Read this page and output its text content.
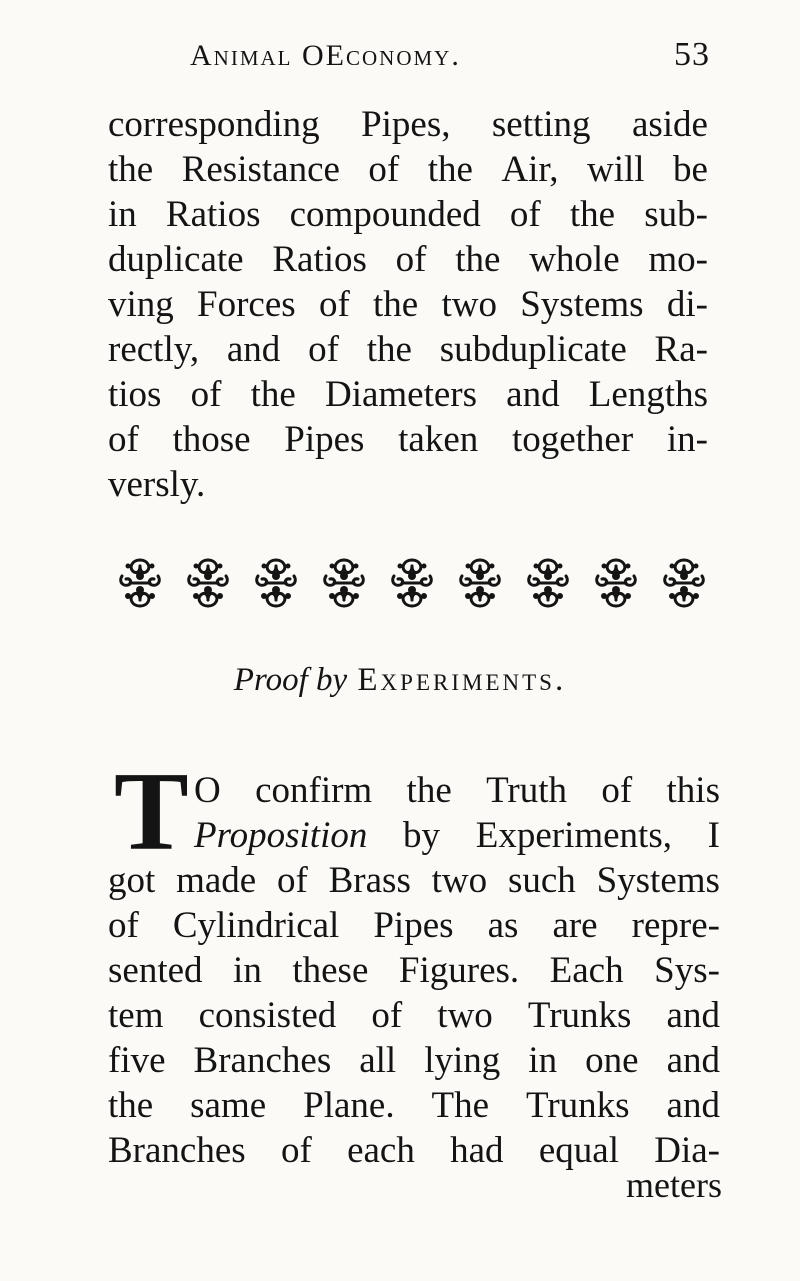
Animal OEconomy.	53
corresponding Pipes, setting aside
the Resistance of the Air, will be
in Ratios compounded of the sub-
duplicate Ratios of the whole mo-
ving Forces of the two Systems di-
rectly, and of the subduplicate Ra-
tios of the Diameters and Lengths
of those Pipes taken together in-
versly.
Proof by Experiments.
T O confirm the Truth of this
Proposition by Experiments, I
got made of Brass two such Systems
of Cylindrical Pipes as are repre-
sented in these Figures. Each Sys-
tem consisted of two Trunks and
five Branches all lying in one and
the same Plane. The Trunks and
Branches of each had equal Dia-
meters
